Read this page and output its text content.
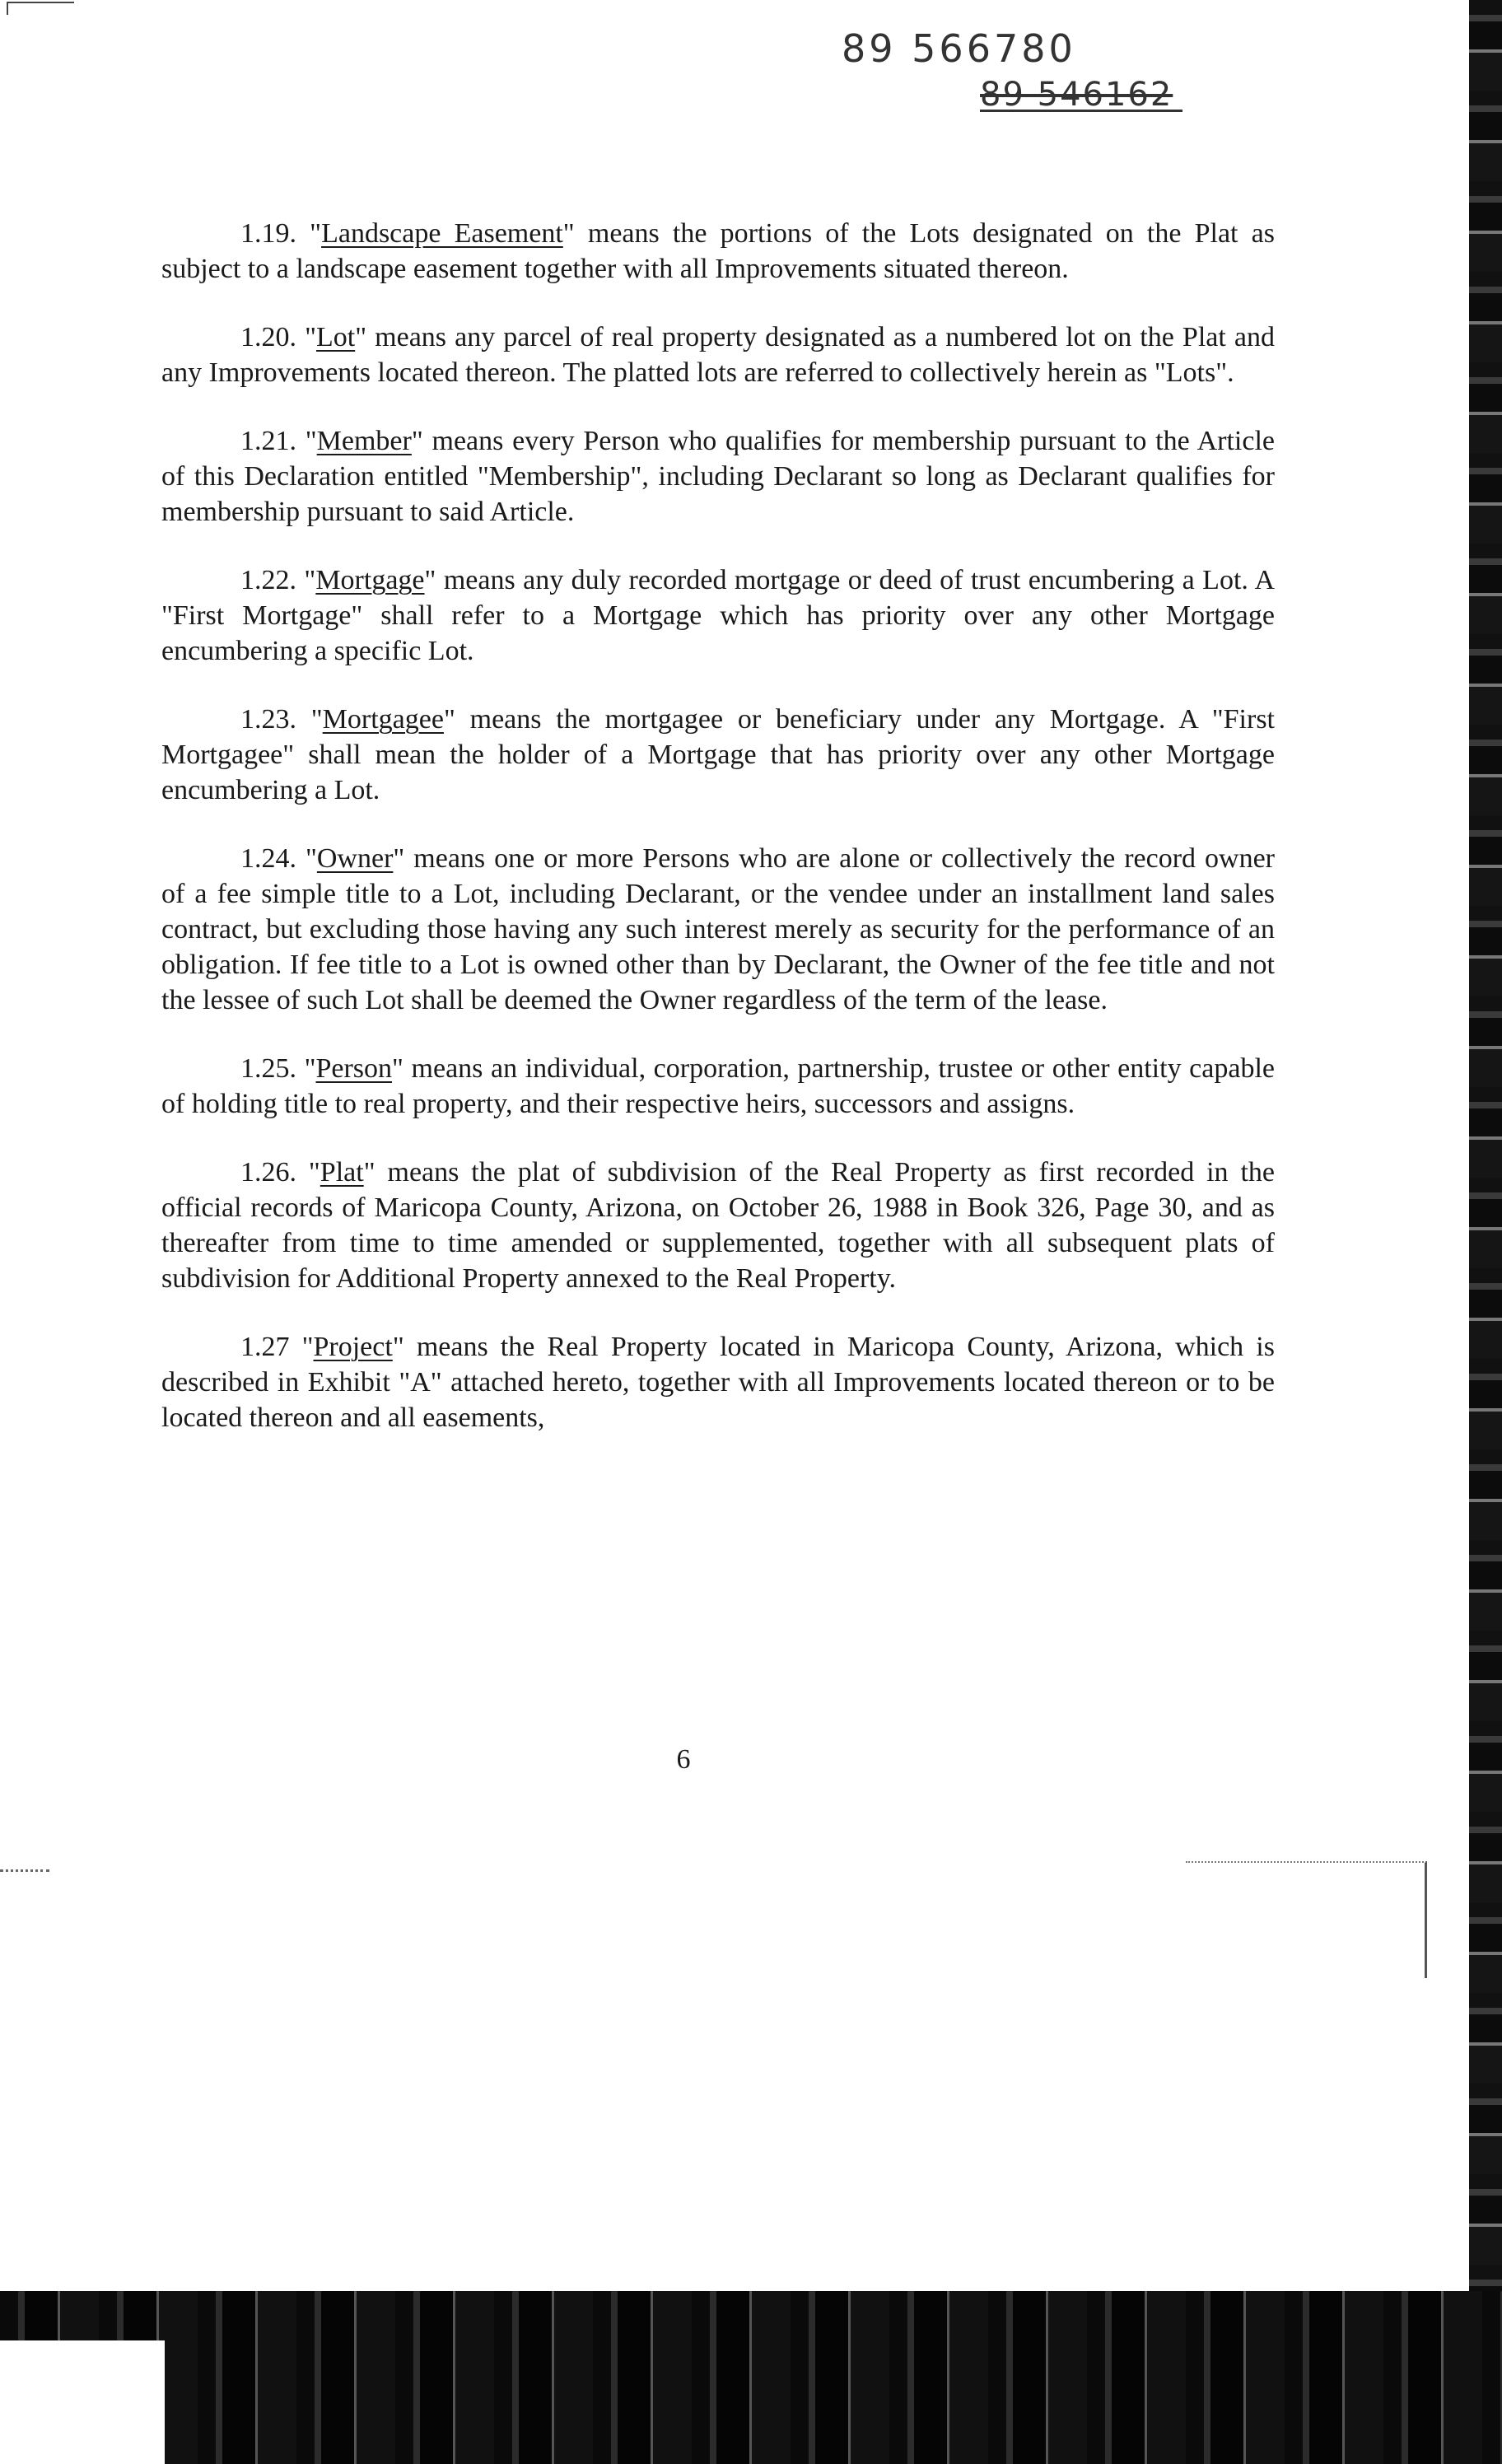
89 566780
89 546162

1.19. "Landscape Easement" means the portions of the Lots designated on the Plat as subject to a landscape easement together with all Improvements situated thereon.

1.20. "Lot" means any parcel of real property designated as a numbered lot on the Plat and any Improvements located thereon. The platted lots are referred to collectively herein as "Lots".

1.21. "Member" means every Person who qualifies for membership pursuant to the Article of this Declaration entitled "Membership", including Declarant so long as Declarant qualifies for membership pursuant to said Article.

1.22. "Mortgage" means any duly recorded mortgage or deed of trust encumbering a Lot. A "First Mortgage" shall refer to a Mortgage which has priority over any other Mortgage encumbering a specific Lot.

1.23. "Mortgagee" means the mortgagee or beneficiary under any Mortgage. A "First Mortgagee" shall mean the holder of a Mortgage that has priority over any other Mortgage encumbering a Lot.

1.24. "Owner" means one or more Persons who are alone or collectively the record owner of a fee simple title to a Lot, including Declarant, or the vendee under an installment land sales contract, but excluding those having any such interest merely as security for the performance of an obligation. If fee title to a Lot is owned other than by Declarant, the Owner of the fee title and not the lessee of such Lot shall be deemed the Owner regardless of the term of the lease.

1.25. "Person" means an individual, corporation, partnership, trustee or other entity capable of holding title to real property, and their respective heirs, successors and assigns.

1.26. "Plat" means the plat of subdivision of the Real Property as first recorded in the official records of Maricopa County, Arizona, on October 26, 1988 in Book 326, Page 30, and as thereafter from time to time amended or supplemented, together with all subsequent plats of subdivision for Additional Property annexed to the Real Property.

1.27 "Project" means the Real Property located in Maricopa County, Arizona, which is described in Exhibit "A" attached hereto, together with all Improvements located thereon or to be located thereon and all easements,

6
